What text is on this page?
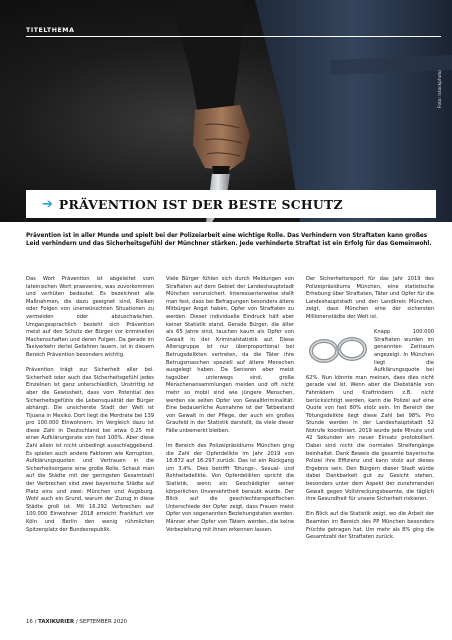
TITELTHEMA
Foto: istockphoto
➔ PRÄVENTION IST DER BESTE SCHUTZ
Prävention ist in aller Munde und spielt bei der Polizeiarbeit eine wichtige Rolle. Das Verhindern von Straftaten kann großes Leid verhindern und das Sicherheitsgefühl der Münchner stärken. Jede verhinderte Straftat ist ein Erfolg für das Gemeinwohl.

Das Wort Prävention ist abgeleitet vom lateinischen Wort praevenire, was zuvorkommen und verhüten bedeutet. Es bezeichnet alle Maßnahmen, die dazu geeignet sind, Risiken oder Folgen von unerwünschten Situationen zu vermeiden oder abzuschwächen. Umgangssprachlich bezieht sich Prävention meist auf den Schutz der Bürger vor kriminellen Machenschaften und deren Folgen. Da gerade im Taxiverkehr derlei Gefahren lauern, ist in diesem Bereich Prävention besonders wichtig.

Prävention trägt zur Sicherheit aller bei. Sicherheit oder auch das Sicherheitsgefühl jedes Einzelnen ist ganz unterschiedlich. Unstrittig ist aber die Gewissheit, dass vom Potential des Sicherheitsgefühls die Lebensqualität der Bürger abhängt. Die unsicherste Stadt der Welt ist Tijuana in Mexiko. Dort liegt die Mordrate bei 139 pro 100.000 Einwohnern. Im Vergleich dazu ist diese Zahl in Deutschland bei etwa 0,25 mit einer Aufklärungsrate von fast 100%. Aber diese Zahl allein ist nicht unbedingt ausschlaggebend. Es spielen auch andere Faktoren wie Korruption, Aufklärungsquoten und Vertrauen in die Sicherheitsorgane eine große Rolle. Schaut man auf die Städte mit der geringsten Gesamtzahl der Verbrechen sind zwei bayerische Städte auf Platz eins und zwei: München und Augsburg. Wohl auch ein Grund, warum der Zuzug in diese Städte groß ist. Mit 16.292 Verbrechen auf 100.000 Einwohner 2018 erreicht Frankfurt vor Köln und Berlin den wenig rühmlichen Spitzenplatz der Bundesrepublik.

Viele Bürger fühlen sich durch Meldungen von Straftaten auf dem Gebiet der Landeshauptstadt München verunsichert. Interessanterweise stellt man fest, dass bei Befragungen besonders ältere Mitbürger Angst haben, Opfer von Straftaten zu werden. Dieser individuelle Eindruck hält aber keiner Statistik stand. Gerade Bürger, die älter als 65 Jahre sind, tauchen kaum als Opfer von Gewalt in der Kriminalstatistik auf. Diese Altersgruppe ist nur überproportional bei Betrugsdelikten vertreten, da die Täter ihre Betrugsmaschen speziell auf ältere Menschen ausgelegt haben. Da Senioren aber meist tagsüber unterwegs sind, große Menschenansammlungen meiden und oft nicht mehr so mobil sind wie jüngere Menschen, werden sie selten Opfer von Gewaltkriminalität. Eine bedauerliche Ausnahme ist der Tatbestand von Gewalt in der Pflege, der auch ein großes Graufeld in der Statistik darstellt, da viele dieser Fälle unbemerkt bleiben.

Im Bereich des Polizeipräsidiums München ging die Zahl der Opferdelikte im Jahr 2019 von 16.872 auf 16.297 zurück. Das ist ein Rückgang um 3,4%. Dies betrifft Tötungs-, Sexual- und Rohheitsdelikte. Von Opferdelikten spricht die Statistik, wenn ein Geschädigter seiner körperlichen Unversehrtheit beraubt wurde. Der Blick auf die geschlechterspezifischen Unterschiede der Opfer zeigt, dass Frauen meist Opfer von sogenannten Beziehungstaten werden. Männer eher Opfer von Tätern werden, die keine Vorbeziehung mit ihnen erkennen lassen.

Der Sicherheitsreport für das Jahr 2019 des Polizeipräsidiums München, eine statistische Erhebung über Straftaten, Täter und Opfer für die Landeshauptstadt und den Landkreis München, zeigt, dass München eine der sichersten Millionenstädte der Welt ist.

Knapp 100.000 Straftaten wurden im genannten Zeitraum angezeigt. In München liegt die Aufklärungsquote bei 62%. Nun könnte man meinen, dass dies nicht gerade viel ist. Wenn aber die Diebstähle von Fahrrädern und Kraftrindern z.B. nicht berücksichtigt werden, kann die Polizei auf eine Quote von fast 80% stolz sein. Im Bereich der Tötungsdelikte liegt diese Zahl bei 98%. Pro Stunde werden in der Landeshauptstadt 52 Notrufe koordiniert. 2019 wurde jede Minute und 42 Sekunden ein neuer Einsatz protokolliert. Dabei sind nicht die normalen Streifengänge beinhaltet. Dank Beweis die gesamte bayerische Polizei ihre Effizienz und kann stolz auf dieses Ergebnis sein. Den Bürgern dieser Stadt würde dabei Dankbarkeit gut zu Gesicht stehen, besonders unter dem Aspekt der zunehmenden Gewalt gegen Vollstreckungsbeamte, die täglich ihre Gesundheit für unsere Sicherheit riskieren.

Ein Blick auf die Statistik zeigt, wo die Arbeit der Beamten im Bereich des PP München besonders Früchte getragen hat. Um mehr als 8% ging die Gesamtzahl der Straftaten zurück.

16 / TAXIKURIER / SEPTEMBER 2020
